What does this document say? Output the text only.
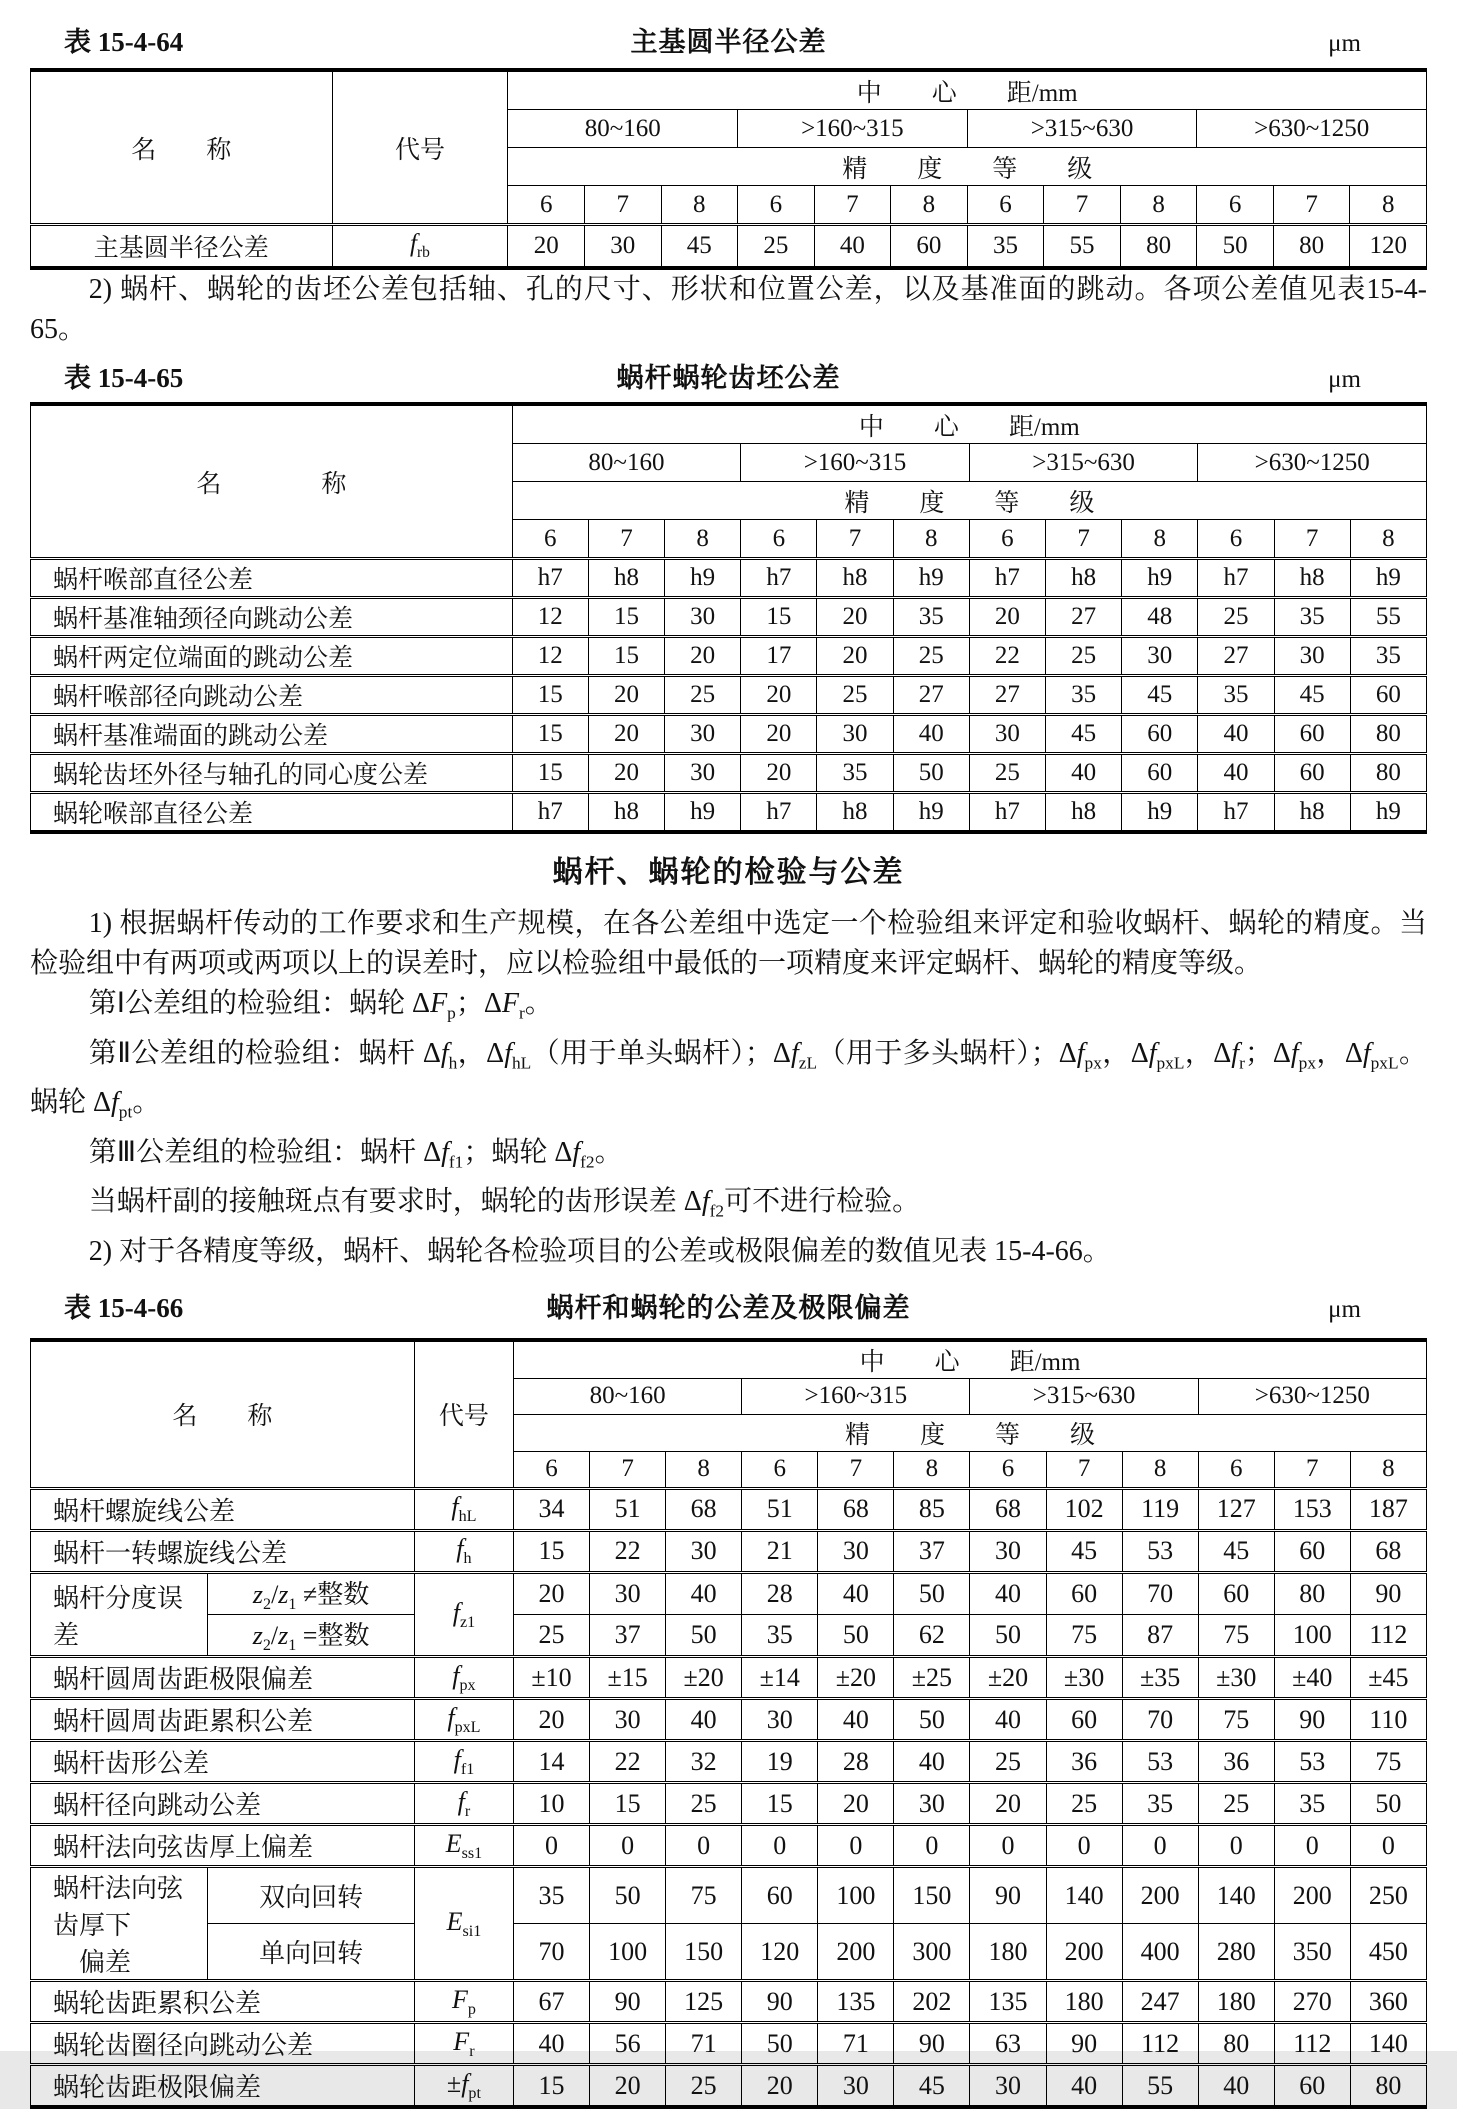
表 15-4-64	主基圆半径公差	μm
名　　称	代号	中　　心　　距/mm											
		80~160			>160~315			>315~630			>630~1250		
		精　　度　　等　　级											
		6	7	8	6	7	8	6	7	8	6	7	8
主基圆半径公差	$f_{rb}$	20	30	45	25	40	60	35	55	80	50	80	120

2) 蜗杆、蜗轮的齿坯公差包括轴、孔的尺寸、形状和位置公差，以及基准面的跳动。各项公差值见表15-4-65。

表 15-4-65	蜗杆蜗轮齿坯公差	μm
名　　　　称	中　　心　　距/mm											
	80~160			>160~315			>315~630			>630~1250		
	精　　度　　等　　级											
	6	7	8	6	7	8	6	7	8	6	7	8
蜗杆喉部直径公差	h7	h8	h9	h7	h8	h9	h7	h8	h9	h7	h8	h9
蜗杆基准轴颈径向跳动公差	12	15	30	15	20	35	20	27	48	25	35	55
蜗杆两定位端面的跳动公差	12	15	20	17	20	25	22	25	30	27	30	35
蜗杆喉部径向跳动公差	15	20	25	20	25	27	27	35	45	35	45	60
蜗杆基准端面的跳动公差	15	20	30	20	30	40	30	45	60	40	60	80
蜗轮齿坯外径与轴孔的同心度公差	15	20	30	20	35	50	25	40	60	40	60	80
蜗轮喉部直径公差	h7	h8	h9	h7	h8	h9	h7	h8	h9	h7	h8	h9
蜗杆、蜗轮的检验与公差

1) 根据蜗杆传动的工作要求和生产规模，在各公差组中选定一个检验组来评定和验收蜗杆、蜗轮的精度。当检验组中有两项或两项以上的误差时，应以检验组中最低的一项精度来评定蜗杆、蜗轮的精度等级。

第Ⅰ公差组的检验组：蜗轮 $\Delta F_p$；$\Delta F_r$。

第Ⅱ公差组的检验组：蜗杆 $\Delta f_h$，$\Delta f_{hL}$（用于单头蜗杆）；$\Delta f_{zL}$（用于多头蜗杆）；$\Delta f_{px}$，$\Delta f_{pxL}$，$\Delta f_r$；$\Delta f_{px}$，$\Delta f_{pxL}$。蜗轮 $\Delta f_{pt}$。

第Ⅲ公差组的检验组：蜗杆 $\Delta f_{f1}$；蜗轮 $\Delta f_{f2}$。

当蜗杆副的接触斑点有要求时，蜗轮的齿形误差 $\Delta f_{f2}$可不进行检验。

2) 对于各精度等级，蜗杆、蜗轮各检验项目的公差或极限偏差的数值见表 15-4-66。

表 15-4-66	蜗杆和蜗轮的公差及极限偏差	μm
名　　称		代号	中　　心　　距/mm											
			80~160			>160~315			>315~630			>630~1250		
			精　　度　　等　　级											
			6	7	8	6	7	8	6	7	8	6	7	8
蜗杆螺旋线公差		$f_{hL}$	34	51	68	51	68	85	68	102	119	127	153	187
蜗杆一转螺旋线公差		$f_h$	15	22	30	21	30	37	30	45	53	45	60	68
蜗杆分度误差	$z_2/z_1$ ≠整数	$f_{z1}$	20	30	40	28	40	50	40	60	70	60	80	90
	$z_2/z_1$ =整数		25	37	50	35	50	62	50	75	87	75	100	112
蜗杆圆周齿距极限偏差		$f_{px}$	±10	±15	±20	±14	±20	±25	±20	±30	±35	±30	±40	±45
蜗杆圆周齿距累积公差		$f_{pxL}$	20	30	40	30	40	50	40	60	70	75	90	110
蜗杆齿形公差		$f_{f1}$	14	22	32	19	28	40	25	36	53	36	53	75
蜗杆径向跳动公差		$f_r$	10	15	25	15	20	30	20	25	35	25	35	50
蜗杆法向弦齿厚上偏差		$E_{ss1}$	0	0	0	0	0	0	0	0	0	0	0	0
蜗杆法向弦齿厚下
　偏差	双向回转	$E_{si1}$	35	50	75	60	100	150	90	140	200	140	200	250
	单向回转		70	100	150	120	200	300	180	200	400	280	350	450
蜗轮齿距累积公差		$F_p$	67	90	125	90	135	202	135	180	247	180	270	360
蜗轮齿圈径向跳动公差		$F_r$	40	56	71	50	71	90	63	90	112	80	112	140
蜗轮齿距极限偏差		$\pm f_{pt}$	15	20	25	20	30	45	30	40	55	40	60	80
